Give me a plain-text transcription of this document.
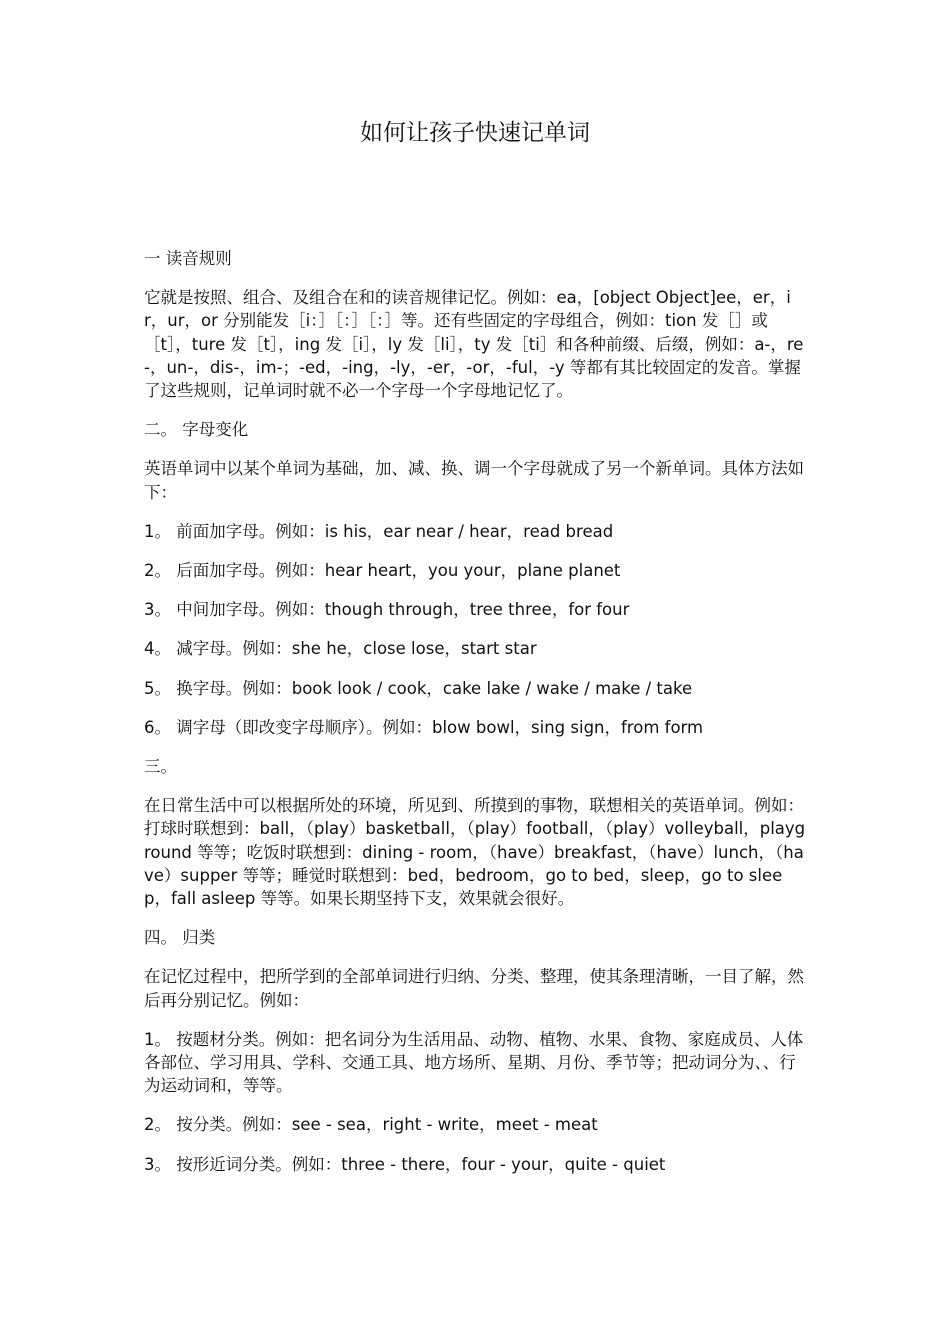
如何让孩子快速记单词

一 读音规则

它就是按照、组合、及组合在和的读音规律记忆。例如：ea，[object Object]ee，er，ir，ur，or 分别能发［i：］［：］［：］等。还有些固定的字母组合，例如：tion 发［］或［t］，ture 发［t］，ing 发［i］，ly 发［li］，ty 发［ti］和各种前缀、后缀，例如：a-，re-，un-，dis-，im-；-ed，-ing，-ly，-er，-or，-ful，-y 等都有其比较固定的发音。掌握了这些规则，记单词时就不必一个字母一个字母地记忆了。

二。 字母变化

英语单词中以某个单词为基础，加、减、换、调一个字母就成了另一个新单词。具体方法如下：

1。 前面加字母。例如：is his，ear near / hear，read bread

2。 后面加字母。例如：hear heart，you your，plane planet

3。 中间加字母。例如：though through，tree three，for four

4。 减字母。例如：she he，close lose，start star

5。 换字母。例如：book look / cook，cake lake / wake / make / take

6。 调字母（即改变字母顺序）。例如：blow bowl，sing sign，from form

三。

在日常生活中可以根据所处的环境，所见到、所摸到的事物，联想相关的英语单词。例如：打球时联想到：ball，（play）basketball，（play）football，（play）volleyball，playground 等等；吃饭时联想到：dining - room，（have）breakfast，（have）lunch，（have）supper 等等；睡觉时联想到：bed，bedroom，go to bed，sleep，go to sleep，fall asleep 等等。如果长期坚持下支，效果就会很好。

四。 归类

在记忆过程中，把所学到的全部单词进行归纳、分类、整理，使其条理清晰，一目了解，然后再分别记忆。例如：

1。 按题材分类。例如：把名词分为生活用品、动物、植物、水果、食物、家庭成员、人体各部位、学习用具、学科、交通工具、地方场所、星期、月份、季节等；把动词分为、、行为运动词和，等等。

2。 按分类。例如：see - sea，right - write，meet - meat

3。 按形近词分类。例如：three - there，four - your，quite - quiet
